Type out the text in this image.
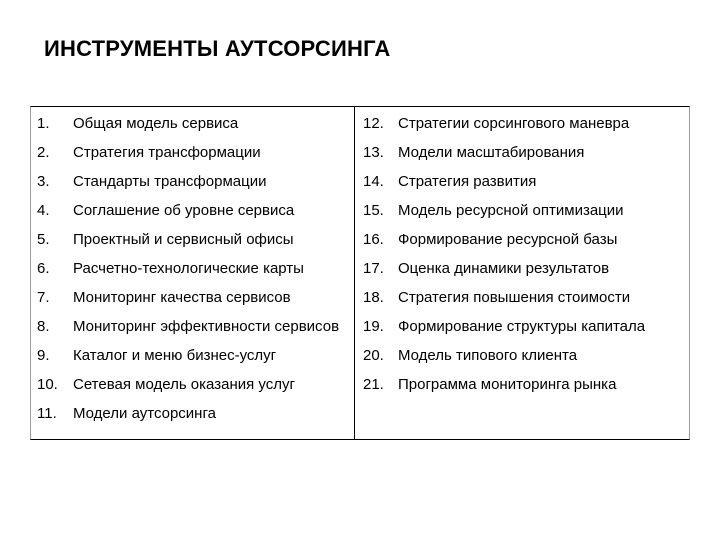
ИНСТРУМЕНТЫ АУТСОРСИНГА
1.	Общая модель сервиса
2.	Стратегия трансформации
3.	Стандарты трансформации
4.	Соглашение об уровне сервиса
5.	Проектный и сервисный офисы
6.	Расчетно-технологические карты
7.	Мониторинг качества сервисов
8.	Мониторинг эффективности сервисов
9.	Каталог и меню бизнес-услуг
10.	Сетевая модель оказания услуг
11.	Модели аутсорсинга
12. Стратегии сорсингового маневра
13. Модели масштабирования
14. Стратегия развития
15. Модель ресурсной оптимизации
16. Формирование ресурсной базы
17. Оценка динамики результатов
18. Стратегия повышения стоимости
19. Формирование структуры капитала
20. Модель типового клиента
21. Программа мониторинга рынка
